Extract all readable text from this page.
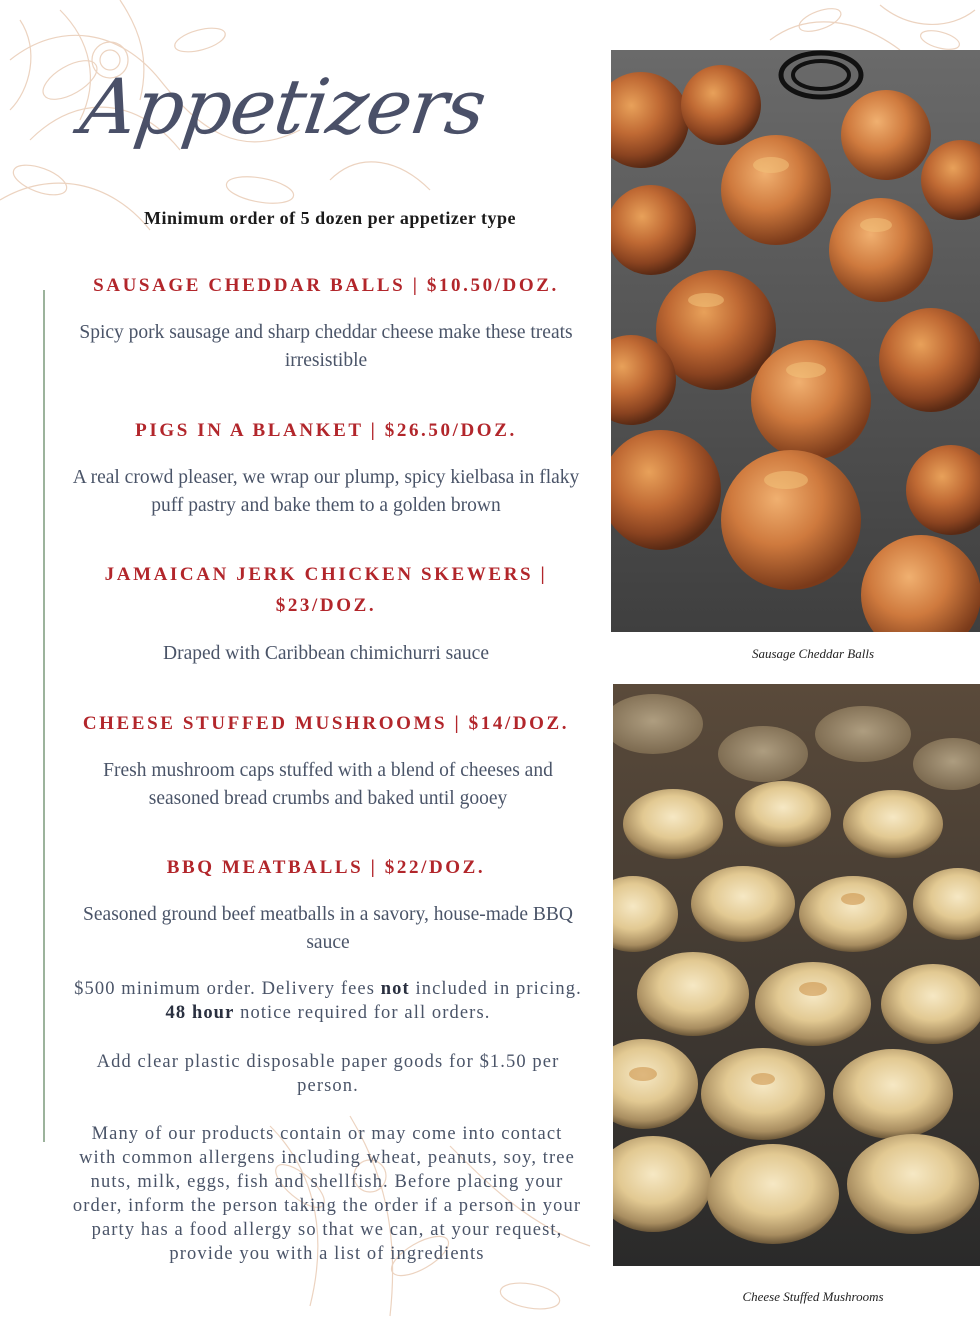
Appetizers
Minimum order of 5 dozen per appetizer type
SAUSAGE CHEDDAR BALLS | $10.50/DOZ.
Spicy pork sausage and sharp cheddar cheese make these treats irresistible
PIGS IN A BLANKET | $26.50/DOZ.
A real crowd pleaser, we wrap our plump, spicy kielbasa in flaky puff pastry and bake them to a golden brown
JAMAICAN JERK CHICKEN SKEWERS | $23/DOZ.
Draped with Caribbean chimichurri sauce
CHEESE STUFFED MUSHROOMS | $14/DOZ.
Fresh mushroom caps stuffed with a blend of cheeses and seasoned bread crumbs and baked until gooey
BBQ MEATBALLS | $22/DOZ.
Seasoned ground beef meatballs in a savory, house-made BBQ sauce
$500 minimum order. Delivery fees not included in pricing. 48 hour notice required for all orders.
Add clear plastic disposable paper goods for $1.50 per person.
Many of our products contain or may come into contact with common allergens including wheat, peanuts, soy, tree nuts, milk, eggs, fish and shellfish. Before placing your order, inform the person taking the order if a person in your party has a food allergy so that we can, at your request, provide you with a list of ingredients
Sausage Cheddar Balls
Cheese Stuffed Mushrooms
